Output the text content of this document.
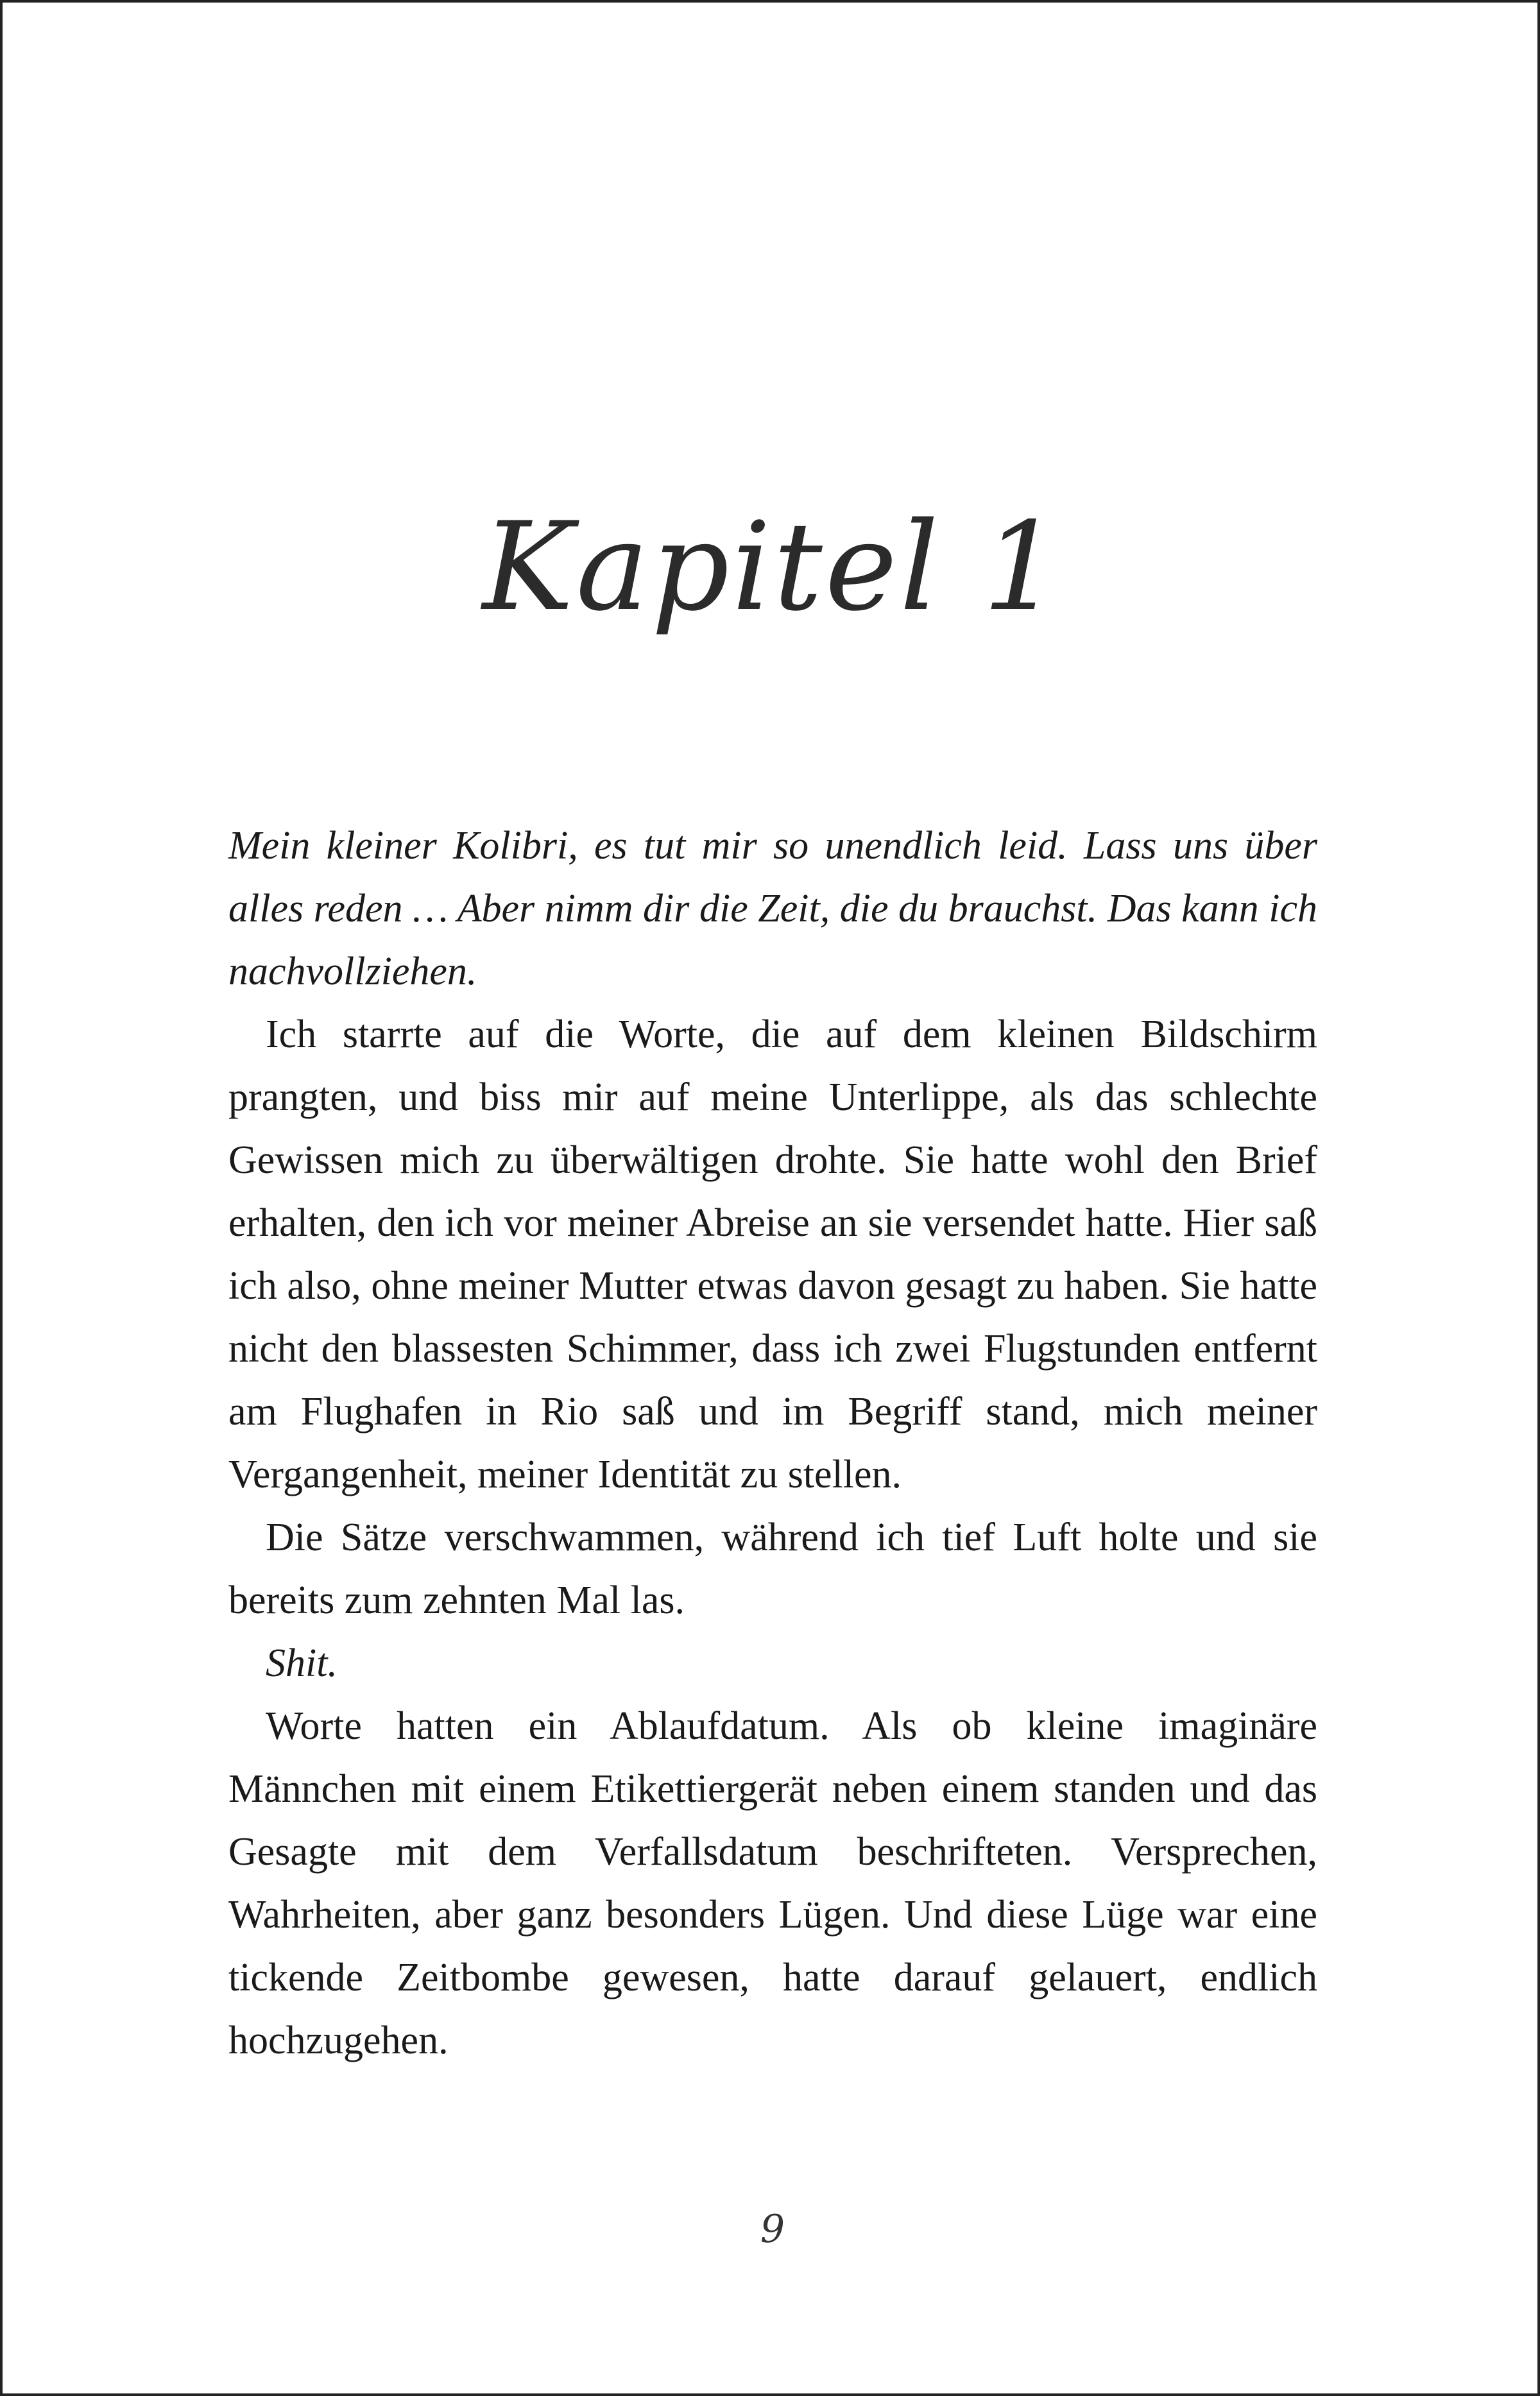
Kapitel 1

Mein kleiner Kolibri, es tut mir so unendlich leid. Lass uns über alles reden … Aber nimm dir die Zeit, die du brauchst. Das kann ich nachvollziehen.

Ich starrte auf die Worte, die auf dem kleinen Bildschirm prangten, und biss mir auf meine Unterlippe, als das schlechte Gewissen mich zu überwältigen drohte. Sie hatte wohl den Brief erhalten, den ich vor meiner Abreise an sie versendet hatte. Hier saß ich also, ohne meiner Mutter etwas davon gesagt zu haben. Sie hatte nicht den blassesten Schimmer, dass ich zwei Flugstunden entfernt am Flughafen in Rio saß und im Begriff stand, mich meiner Vergangenheit, meiner Identität zu stellen.

Die Sätze verschwammen, während ich tief Luft holte und sie bereits zum zehnten Mal las.

Shit.

Worte hatten ein Ablaufdatum. Als ob kleine imaginäre Männchen mit einem Etikettiergerät neben einem standen und das Gesagte mit dem Verfallsdatum beschrifteten. Versprechen, Wahrheiten, aber ganz besonders Lügen. Und diese Lüge war eine tickende Zeitbombe gewesen, hatte darauf gelauert, endlich hochzugehen.

9
